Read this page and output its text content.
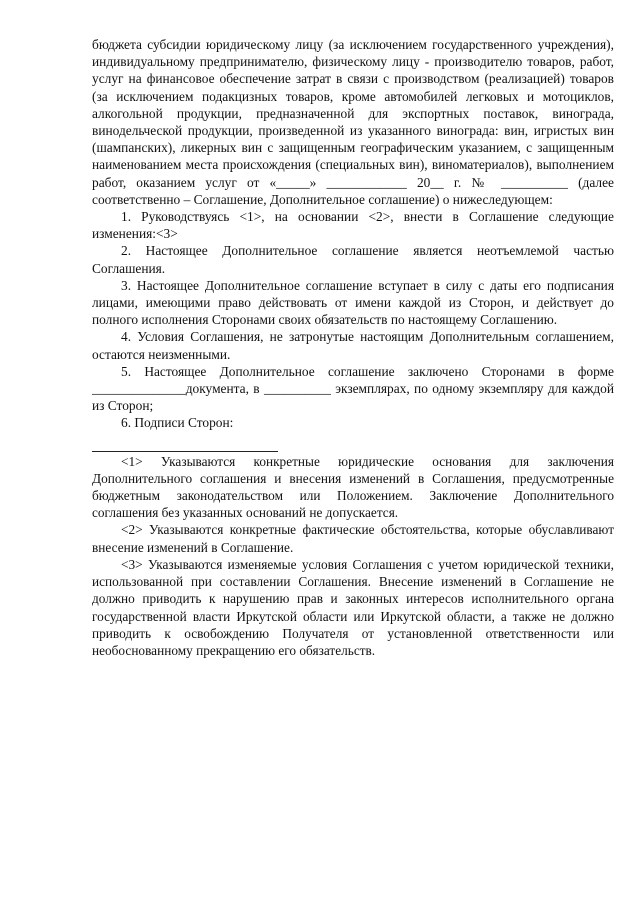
бюджета субсидии юридическому лицу (за исключением государственного учреждения), индивидуальному предпринимателю, физическому лицу - производителю товаров, работ, услуг на финансовое обеспечение затрат в связи с производством (реализацией) товаров (за исключением подакцизных товаров, кроме автомобилей легковых и мотоциклов, алкогольной продукции, предназначенной для экспортных поставок, винограда, винодельческой продукции, произведенной из указанного винограда: вин, игристых вин (шампанских), ликерных вин с защищенным географическим указанием, с защищенным наименованием места происхождения (специальных вин), виноматериалов), выполнением работ, оказанием услуг от «_____» ____________ 20__ г. № __________ (далее соответственно – Соглашение, Дополнительное соглашение) о нижеследующем:

1. Руководствуясь <1>, на основании <2>, внести в Соглашение следующие изменения:<3>

2. Настоящее Дополнительное соглашение является неотъемлемой частью Соглашения.

3. Настоящее Дополнительное соглашение вступает в силу с даты его подписания лицами, имеющими право действовать от имени каждой из Сторон, и действует до полного исполнения Сторонами своих обязательств по настоящему Соглашению.

4. Условия Соглашения, не затронутые настоящим Дополнительным соглашением, остаются неизменными.

5. Настоящее Дополнительное соглашение заключено Сторонами в форме ______________документа, в __________ экземплярах, по одному экземпляру для каждой из Сторон;

6. Подписи Сторон:

<1> Указываются конкретные юридические основания для заключения Дополнительного соглашения и внесения изменений в Соглашения, предусмотренные бюджетным законодательством или Положением. Заключение Дополнительного соглашения без указанных оснований не допускается.

<2> Указываются конкретные фактические обстоятельства, которые обуславливают внесение изменений в Соглашение.

<3> Указываются изменяемые условия Соглашения с учетом юридической техники, использованной при составлении Соглашения. Внесение изменений в Соглашение не должно приводить к нарушению прав и законных интересов исполнительного органа государственной власти Иркутской области или Иркутской области, а также не должно приводить к освобождению Получателя от установленной ответственности или необоснованному прекращению его обязательств.
